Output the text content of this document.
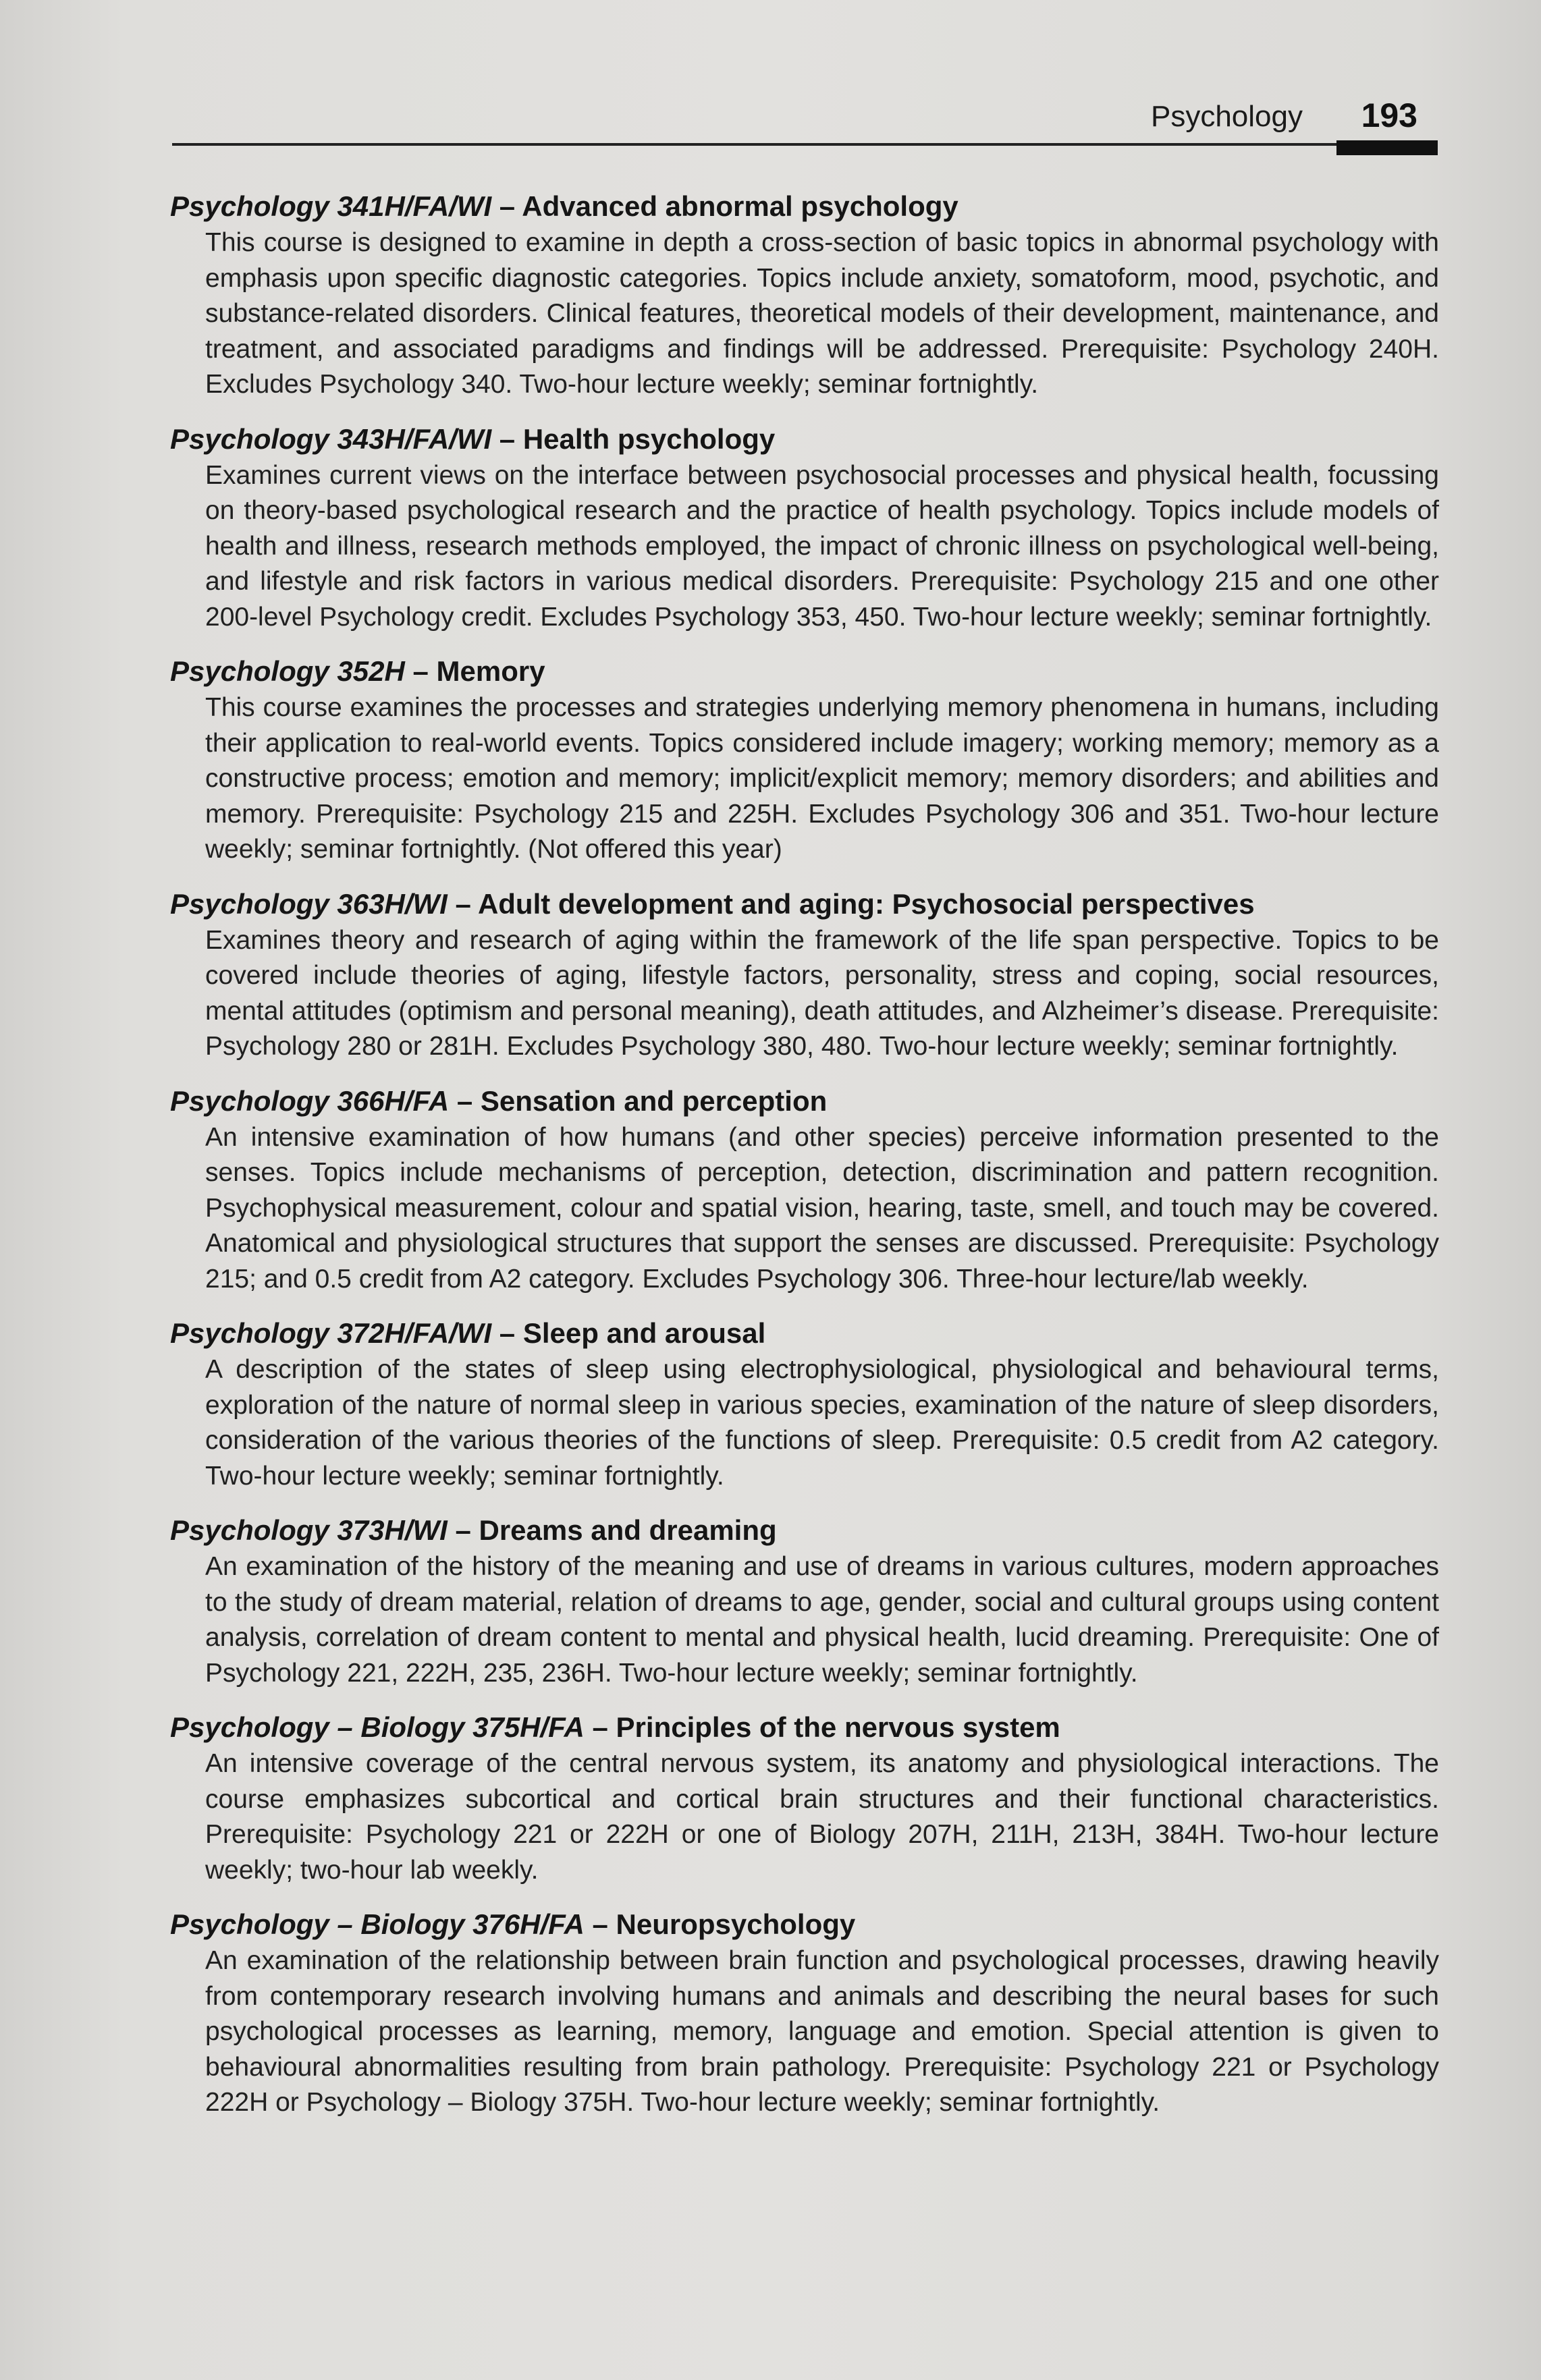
Psychology 193
Psychology 341H/FA/WI – Advanced abnormal psychology
This course is designed to examine in depth a cross-section of basic topics in abnormal psychology with emphasis upon specific diagnostic categories. Topics include anxiety, somatoform, mood, psychotic, and substance-related disorders. Clinical features, theoretical models of their development, maintenance, and treatment, and associated paradigms and findings will be addressed. Prerequisite: Psychology 240H. Excludes Psychology 340. Two-hour lecture weekly; seminar fortnightly.
Psychology 343H/FA/WI – Health psychology
Examines current views on the interface between psychosocial processes and physical health, focussing on theory-based psychological research and the practice of health psychology. Topics include models of health and illness, research methods employed, the impact of chronic illness on psychological well-being, and lifestyle and risk factors in various medical disorders. Prerequisite: Psychology 215 and one other 200-level Psychology credit. Excludes Psychology 353, 450. Two-hour lecture weekly; seminar fortnightly.
Psychology 352H – Memory
This course examines the processes and strategies underlying memory phenomena in humans, including their application to real-world events. Topics considered include imagery; working memory; memory as a constructive process; emotion and memory; implicit/explicit memory; memory disorders; and abilities and memory. Prerequisite: Psychology 215 and 225H. Excludes Psychology 306 and 351. Two-hour lecture weekly; seminar fortnightly. (Not offered this year)
Psychology 363H/WI – Adult development and aging: Psychosocial perspectives
Examines theory and research of aging within the framework of the life span perspective. Topics to be covered include theories of aging, lifestyle factors, personality, stress and coping, social resources, mental attitudes (optimism and personal meaning), death attitudes, and Alzheimer’s disease. Prerequisite: Psychology 280 or 281H. Excludes Psychology 380, 480. Two-hour lecture weekly; seminar fortnightly.
Psychology 366H/FA – Sensation and perception
An intensive examination of how humans (and other species) perceive information presented to the senses. Topics include mechanisms of perception, detection, discrimination and pattern recognition. Psychophysical measurement, colour and spatial vision, hearing, taste, smell, and touch may be covered. Anatomical and physiological structures that support the senses are discussed. Prerequisite: Psychology 215; and 0.5 credit from A2 category. Excludes Psychology 306. Three-hour lecture/lab weekly.
Psychology 372H/FA/WI – Sleep and arousal
A description of the states of sleep using electrophysiological, physiological and behavioural terms, exploration of the nature of normal sleep in various species, examination of the nature of sleep disorders, consideration of the various theories of the functions of sleep. Prerequisite: 0.5 credit from A2 category. Two-hour lecture weekly; seminar fortnightly.
Psychology 373H/WI – Dreams and dreaming
An examination of the history of the meaning and use of dreams in various cultures, modern approaches to the study of dream material, relation of dreams to age, gender, social and cultural groups using content analysis, correlation of dream content to mental and physical health, lucid dreaming. Prerequisite: One of Psychology 221, 222H, 235, 236H. Two-hour lecture weekly; seminar fortnightly.
Psychology – Biology 375H/FA – Principles of the nervous system
An intensive coverage of the central nervous system, its anatomy and physiological interactions. The course emphasizes subcortical and cortical brain structures and their functional characteristics. Prerequisite: Psychology 221 or 222H or one of Biology 207H, 211H, 213H, 384H. Two-hour lecture weekly; two-hour lab weekly.
Psychology – Biology 376H/FA – Neuropsychology
An examination of the relationship between brain function and psychological processes, drawing heavily from contemporary research involving humans and animals and describing the neural bases for such psychological processes as learning, memory, language and emotion. Special attention is given to behavioural abnormalities resulting from brain pathology. Prerequisite: Psychology 221 or Psychology 222H or Psychology – Biology 375H. Two-hour lecture weekly; seminar fortnightly.
